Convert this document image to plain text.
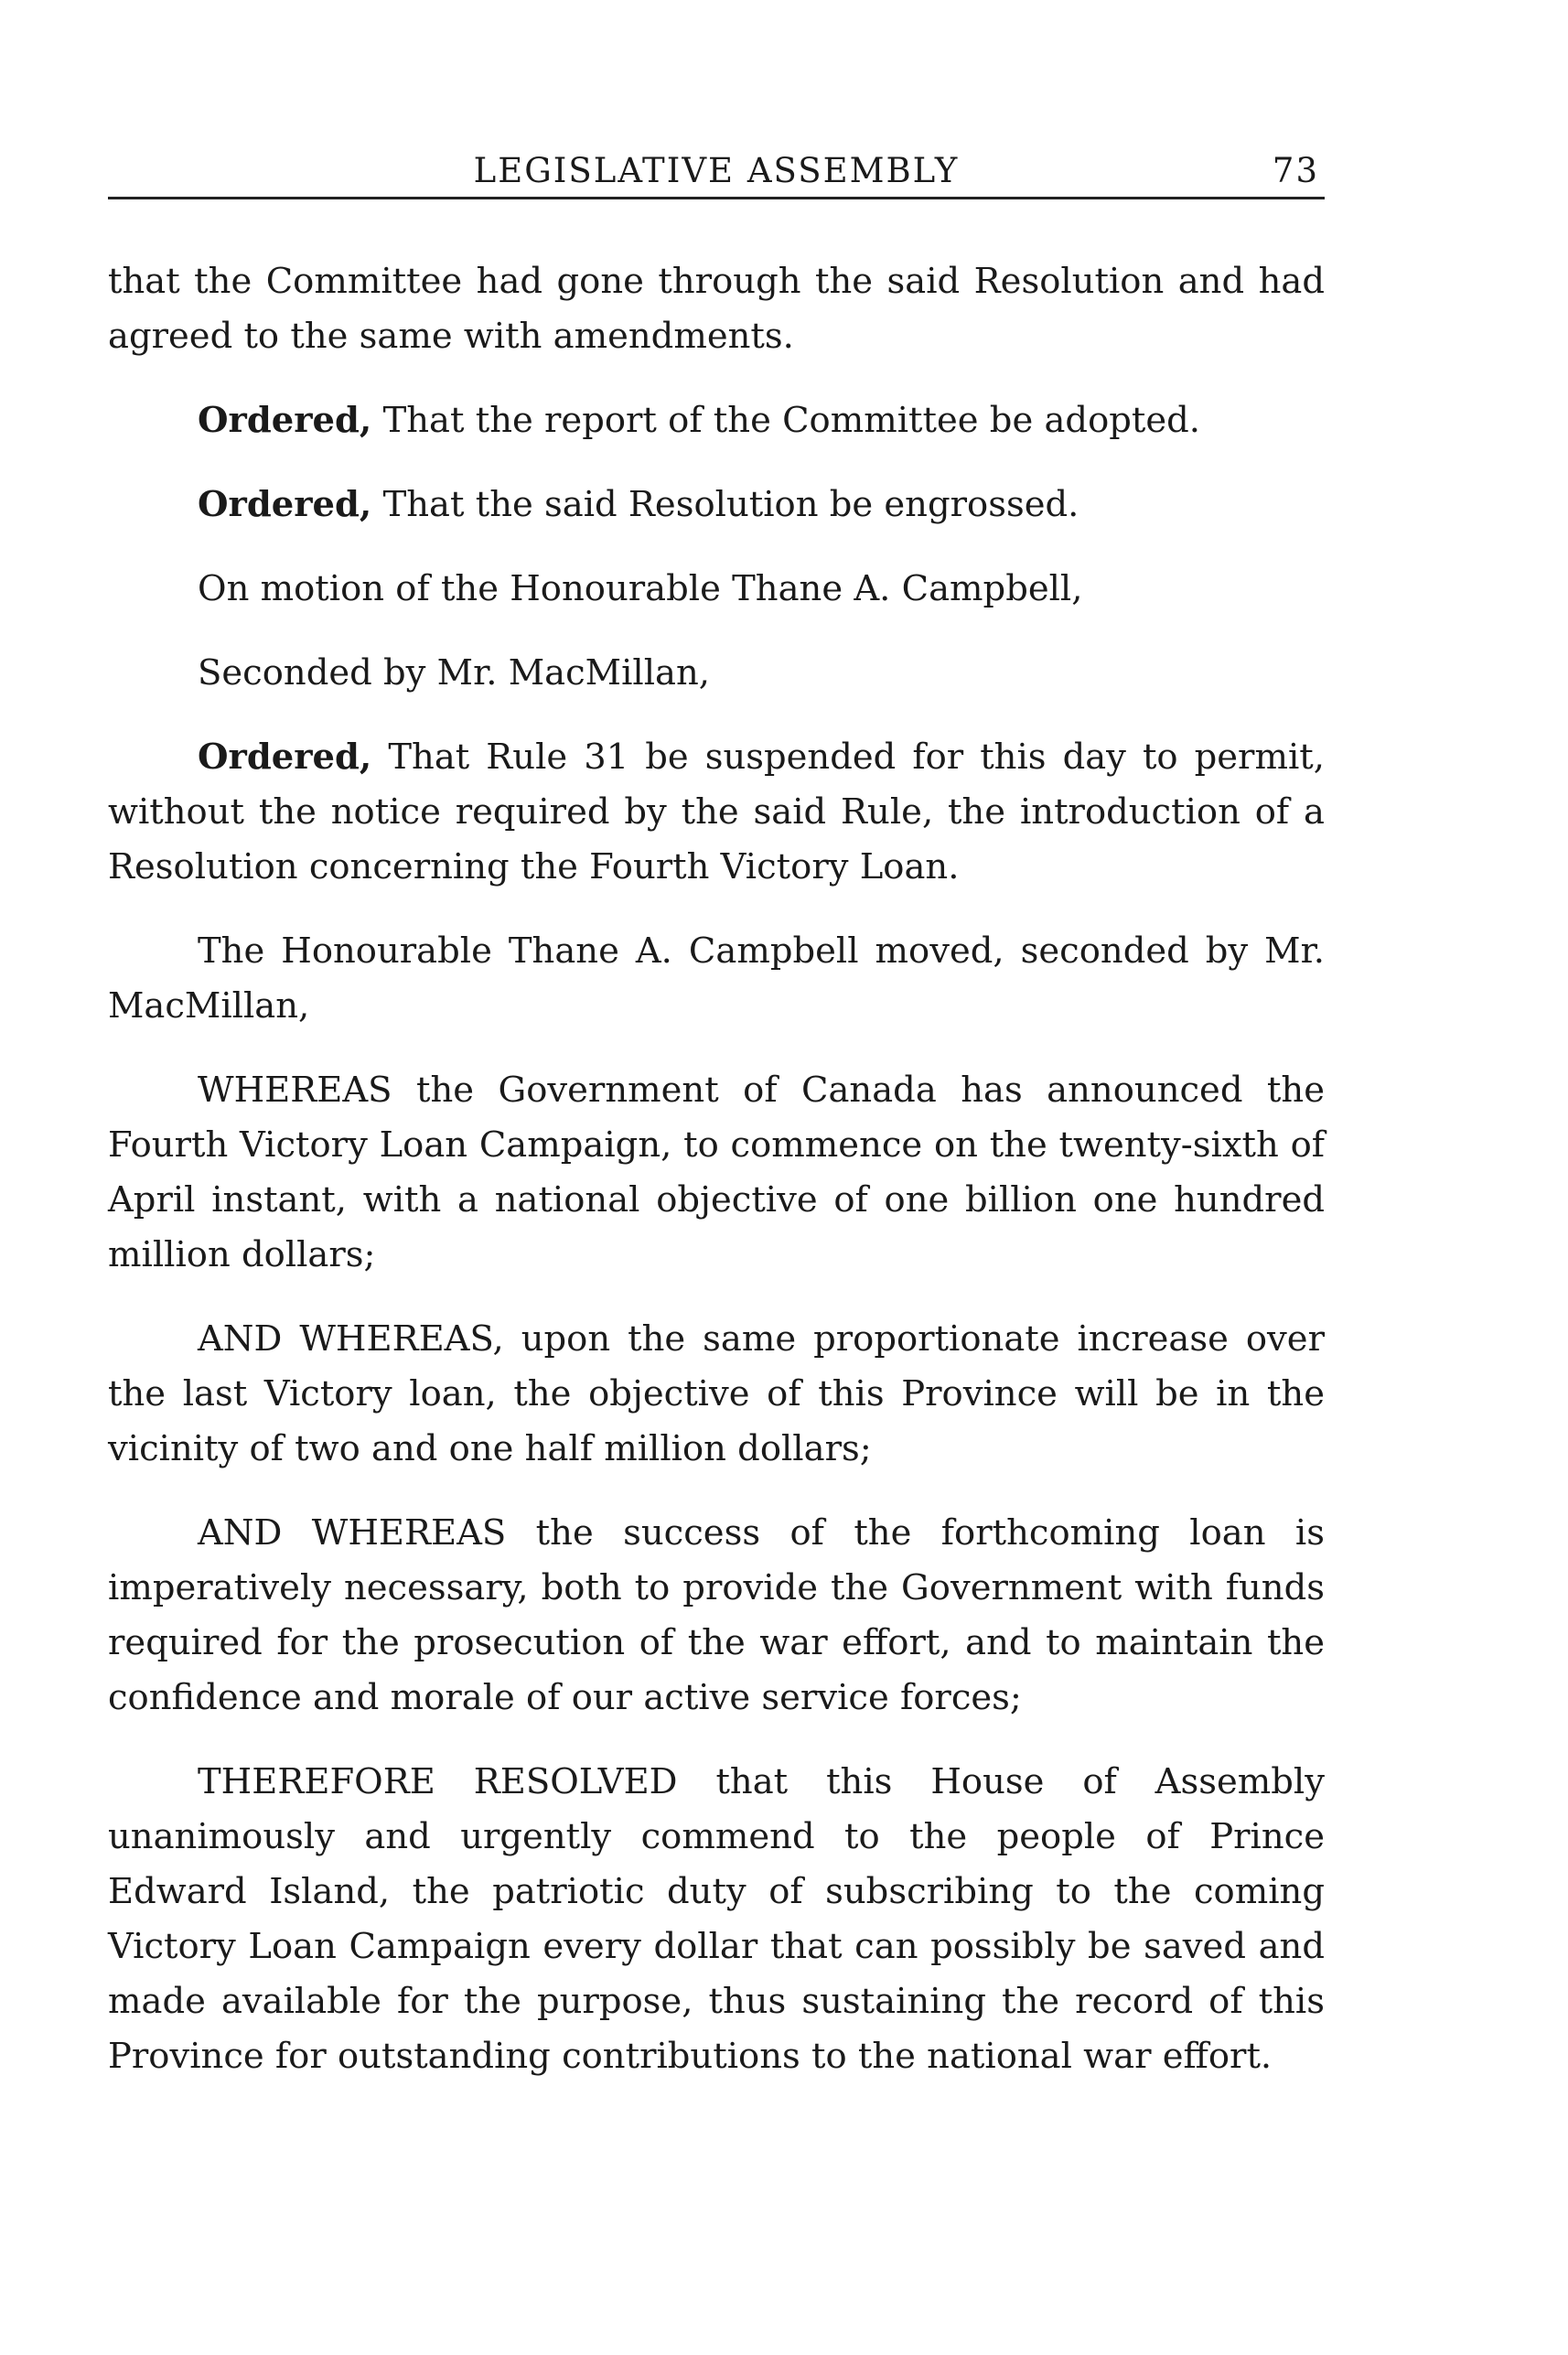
LEGISLATIVE ASSEMBLY	73

that the Committee had gone through the said Resolution and had agreed to the same with amendments.

Ordered, That the report of the Committee be adopted.

Ordered, That the said Resolution be engrossed.

On motion of the Honourable Thane A. Campbell,

Seconded by Mr. MacMillan,

Ordered, That Rule 31 be suspended for this day to permit, without the notice required by the said Rule, the introduction of a Resolution concerning the Fourth Victory Loan.

The Honourable Thane A. Campbell moved, seconded by Mr. MacMillan,

WHEREAS the Government of Canada has announced the Fourth Victory Loan Campaign, to commence on the twenty-sixth of April instant, with a national objective of one billion one hundred million dollars;

AND WHEREAS, upon the same proportionate increase over the last Victory loan, the objective of this Province will be in the vicinity of two and one half million dollars;

AND WHEREAS the success of the forthcoming loan is imperatively necessary, both to provide the Government with funds required for the prosecution of the war effort, and to maintain the confidence and morale of our active service forces;

THEREFORE RESOLVED that this House of Assembly unanimously and urgently commend to the people of Prince Edward Island, the patriotic duty of subscribing to the coming Victory Loan Campaign every dollar that can possibly be saved and made available for the purpose, thus sustaining the record of this Province for outstanding contributions to the national war effort.
